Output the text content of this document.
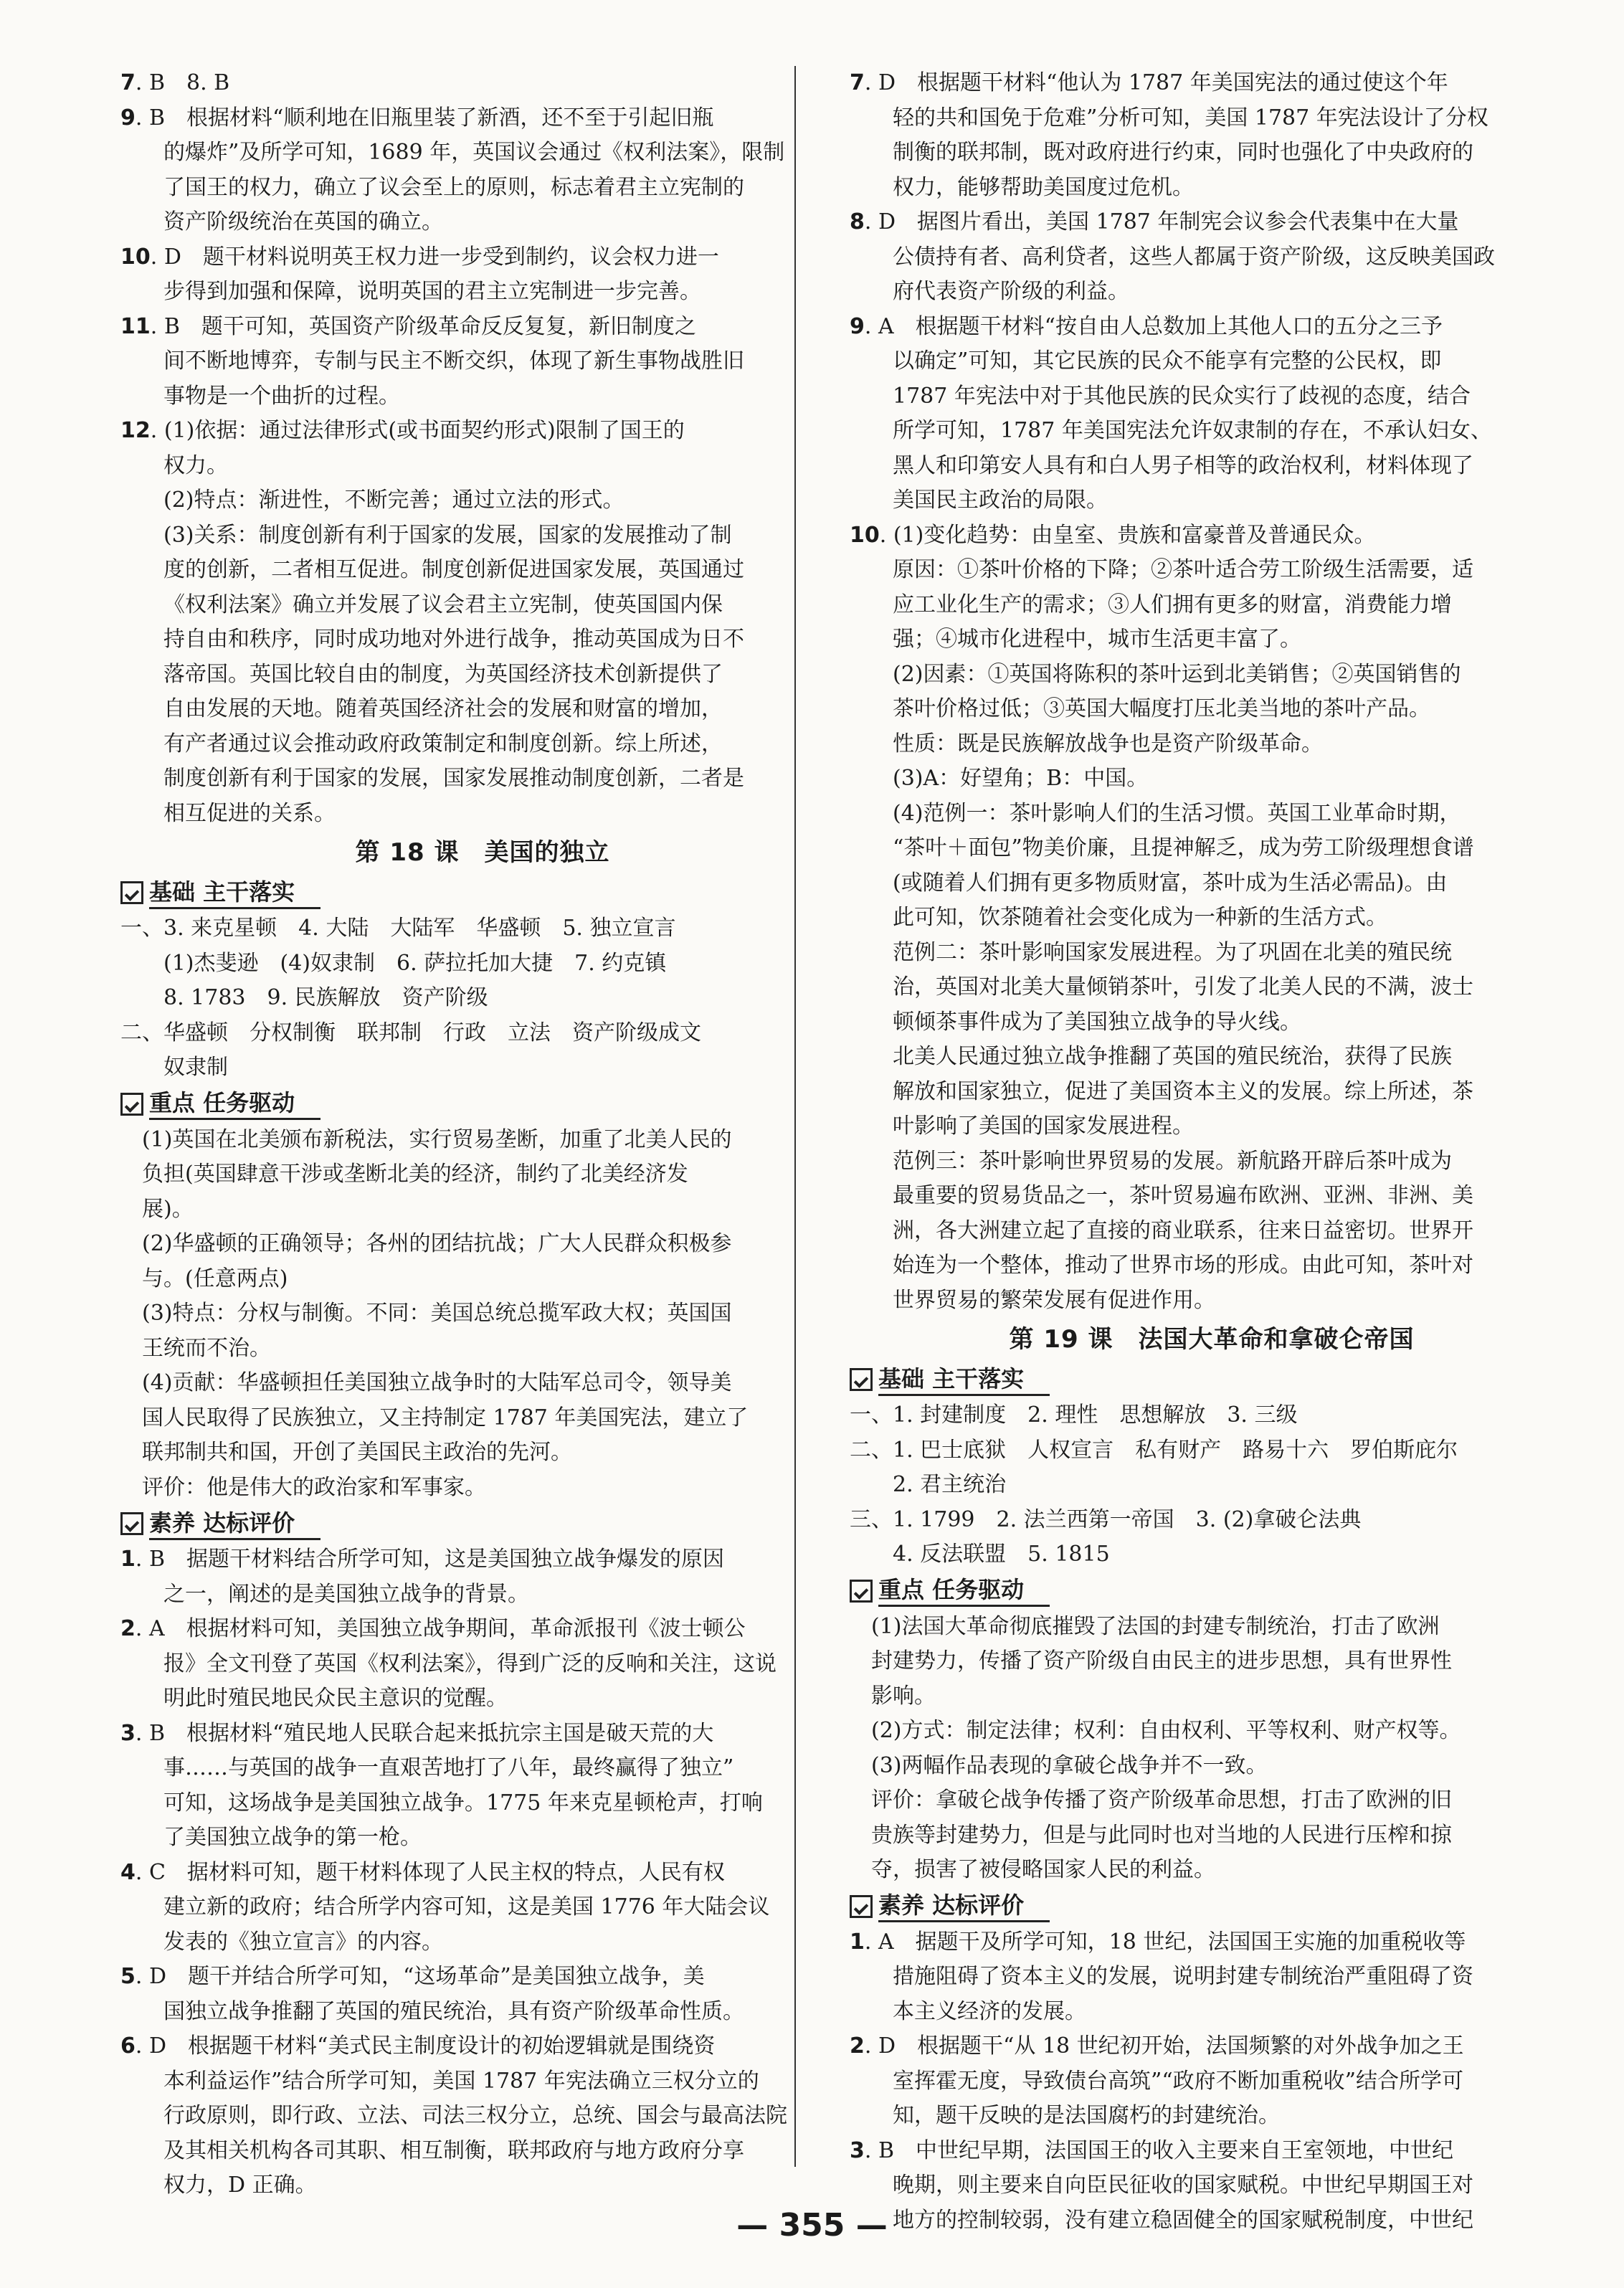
7. B　8. B
9. B　根据材料“顺利地在旧瓶里装了新酒，还不至于引起旧瓶
的爆炸”及所学可知，1689 年，英国议会通过《权利法案》，限制
了国王的权力，确立了议会至上的原则，标志着君主立宪制的
资产阶级统治在英国的确立。
10. D　题干材料说明英王权力进一步受到制约，议会权力进一
步得到加强和保障，说明英国的君主立宪制进一步完善。
11. B　题干可知，英国资产阶级革命反反复复，新旧制度之
间不断地博弈，专制与民主不断交织，体现了新生事物战胜旧
事物是一个曲折的过程。
12. (1)依据：通过法律形式(或书面契约形式)限制了国王的
权力。
(2)特点：渐进性，不断完善；通过立法的形式。
(3)关系：制度创新有利于国家的发展，国家的发展推动了制
度的创新，二者相互促进。制度创新促进国家发展，英国通过
《权利法案》确立并发展了议会君主立宪制，使英国国内保
持自由和秩序，同时成功地对外进行战争，推动英国成为日不
落帝国。英国比较自由的制度，为英国经济技术创新提供了
自由发展的天地。随着英国经济社会的发展和财富的增加，
有产者通过议会推动政府政策制定和制度创新。综上所述，
制度创新有利于国家的发展，国家发展推动制度创新，二者是
相互促进的关系。
第 18 课　美国的独立
基础 主干落实
一、3. 来克星顿　4. 大陆　大陆军　华盛顿　5. 独立宣言
(1)杰斐逊　(4)奴隶制　6. 萨拉托加大捷　7. 约克镇
8. 1783　9. 民族解放　资产阶级
二、华盛顿　分权制衡　联邦制　行政　立法　资产阶级成文
奴隶制
重点 任务驱动
(1)英国在北美颁布新税法，实行贸易垄断，加重了北美人民的
负担(英国肆意干涉或垄断北美的经济，制约了北美经济发
展)。
(2)华盛顿的正确领导；各州的团结抗战；广大人民群众积极参
与。(任意两点)
(3)特点：分权与制衡。不同：美国总统总揽军政大权；英国国
王统而不治。
(4)贡献：华盛顿担任美国独立战争时的大陆军总司令，领导美
国人民取得了民族独立，又主持制定 1787 年美国宪法，建立了
联邦制共和国，开创了美国民主政治的先河。
评价：他是伟大的政治家和军事家。
素养 达标评价
1. B　据题干材料结合所学可知，这是美国独立战争爆发的原因
之一，阐述的是美国独立战争的背景。
2. A　根据材料可知，美国独立战争期间，革命派报刊《波士顿公
报》全文刊登了英国《权利法案》，得到广泛的反响和关注，这说
明此时殖民地民众民主意识的觉醒。
3. B　根据材料“殖民地人民联合起来抵抗宗主国是破天荒的大
事……与英国的战争一直艰苦地打了八年，最终赢得了独立”
可知，这场战争是美国独立战争。1775 年来克星顿枪声，打响
了美国独立战争的第一枪。
4. C　据材料可知，题干材料体现了人民主权的特点，人民有权
建立新的政府；结合所学内容可知，这是美国 1776 年大陆会议
发表的《独立宣言》的内容。
5. D　题干并结合所学可知，“这场革命”是美国独立战争，美
国独立战争推翻了英国的殖民统治，具有资产阶级革命性质。
6. D　根据题干材料“美式民主制度设计的初始逻辑就是围绕资
本利益运作”结合所学可知，美国 1787 年宪法确立三权分立的
行政原则，即行政、立法、司法三权分立，总统、国会与最高法院
及其相关机构各司其职、相互制衡，联邦政府与地方政府分享
权力，D 正确。
7. D　根据题干材料“他认为 1787 年美国宪法的通过使这个年
轻的共和国免于危难”分析可知，美国 1787 年宪法设计了分权
制衡的联邦制，既对政府进行约束，同时也强化了中央政府的
权力，能够帮助美国度过危机。
8. D　据图片看出，美国 1787 年制宪会议参会代表集中在大量
公债持有者、高利贷者，这些人都属于资产阶级，这反映美国政
府代表资产阶级的利益。
9. A　根据题干材料“按自由人总数加上其他人口的五分之三予
以确定”可知，其它民族的民众不能享有完整的公民权，即
1787 年宪法中对于其他民族的民众实行了歧视的态度，结合
所学可知，1787 年美国宪法允许奴隶制的存在，不承认妇女、
黑人和印第安人具有和白人男子相等的政治权利，材料体现了
美国民主政治的局限。
10. (1)变化趋势：由皇室、贵族和富豪普及普通民众。
原因：①茶叶价格的下降；②茶叶适合劳工阶级生活需要，适
应工业化生产的需求；③人们拥有更多的财富，消费能力增
强；④城市化进程中，城市生活更丰富了。
(2)因素：①英国将陈积的茶叶运到北美销售；②英国销售的
茶叶价格过低；③英国大幅度打压北美当地的茶叶产品。
性质：既是民族解放战争也是资产阶级革命。
(3)A：好望角；B：中国。
(4)范例一：茶叶影响人们的生活习惯。英国工业革命时期，
“茶叶＋面包”物美价廉，且提神解乏，成为劳工阶级理想食谱
(或随着人们拥有更多物质财富，茶叶成为生活必需品)。由
此可知，饮茶随着社会变化成为一种新的生活方式。
范例二：茶叶影响国家发展进程。为了巩固在北美的殖民统
治，英国对北美大量倾销茶叶，引发了北美人民的不满，波士
顿倾茶事件成为了美国独立战争的导火线。
北美人民通过独立战争推翻了英国的殖民统治，获得了民族
解放和国家独立，促进了美国资本主义的发展。综上所述，茶
叶影响了美国的国家发展进程。
范例三：茶叶影响世界贸易的发展。新航路开辟后茶叶成为
最重要的贸易货品之一，茶叶贸易遍布欧洲、亚洲、非洲、美
洲，各大洲建立起了直接的商业联系，往来日益密切。世界开
始连为一个整体，推动了世界市场的形成。由此可知，茶叶对
世界贸易的繁荣发展有促进作用。
第 19 课　法国大革命和拿破仑帝国
基础 主干落实
一、1. 封建制度　2. 理性　思想解放　3. 三级
二、1. 巴士底狱　人权宣言　私有财产　路易十六　罗伯斯庇尔
2. 君主统治
三、1. 1799　2. 法兰西第一帝国　3. (2)拿破仑法典
4. 反法联盟　5. 1815
重点 任务驱动
(1)法国大革命彻底摧毁了法国的封建专制统治，打击了欧洲
封建势力，传播了资产阶级自由民主的进步思想，具有世界性
影响。
(2)方式：制定法律；权利：自由权利、平等权利、财产权等。
(3)两幅作品表现的拿破仑战争并不一致。
评价：拿破仑战争传播了资产阶级革命思想，打击了欧洲的旧
贵族等封建势力，但是与此同时也对当地的人民进行压榨和掠
夺，损害了被侵略国家人民的利益。
素养 达标评价
1. A　据题干及所学可知，18 世纪，法国国王实施的加重税收等
措施阻碍了资本主义的发展，说明封建专制统治严重阻碍了资
本主义经济的发展。
2. D　根据题干“从 18 世纪初开始，法国频繁的对外战争加之王
室挥霍无度，导致债台高筑”“政府不断加重税收”结合所学可
知，题干反映的是法国腐朽的封建统治。
3. B　中世纪早期，法国国王的收入主要来自王室领地，中世纪
晚期，则主要来自向臣民征收的国家赋税。中世纪早期国王对
地方的控制较弱，没有建立稳固健全的国家赋税制度，中世纪
— 355 —
